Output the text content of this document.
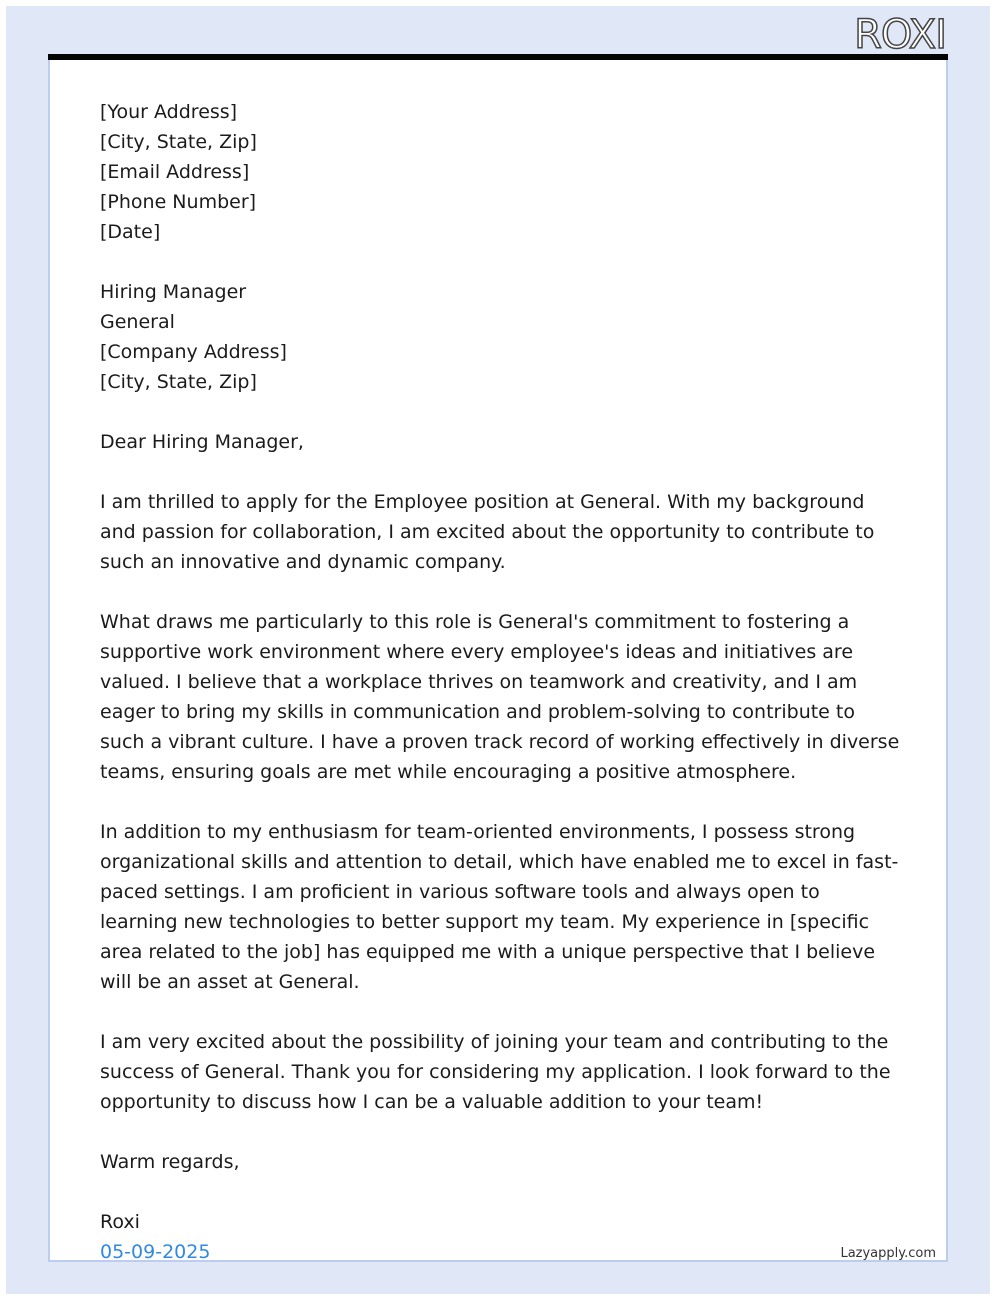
ROXI

[Your Address]

[City, State, Zip]

[Email Address]

[Phone Number]

[Date]

Hiring Manager

General

[Company Address]

[City, State, Zip]

Dear Hiring Manager,

I am thrilled to apply for the Employee position at General. With my background and passion for collaboration, I am excited about the opportunity to contribute to such an innovative and dynamic company.

What draws me particularly to this role is General's commitment to fostering a supportive work environment where every employee's ideas and initiatives are valued. I believe that a workplace thrives on teamwork and creativity, and I am eager to bring my skills in communication and problem-solving to contribute to such a vibrant culture. I have a proven track record of working effectively in diverse teams, ensuring goals are met while encouraging a positive atmosphere.

In addition to my enthusiasm for team-oriented environments, I possess strong organizational skills and attention to detail, which have enabled me to excel in fast-paced settings. I am proficient in various software tools and always open to learning new technologies to better support my team. My experience in [specific area related to the job] has equipped me with a unique perspective that I believe will be an asset at General.

I am very excited about the possibility of joining your team and contributing to the success of General. Thank you for considering my application. I look forward to the opportunity to discuss how I can be a valuable addition to your team!

Warm regards,

Roxi

05-09-2025	Lazyapply.com
